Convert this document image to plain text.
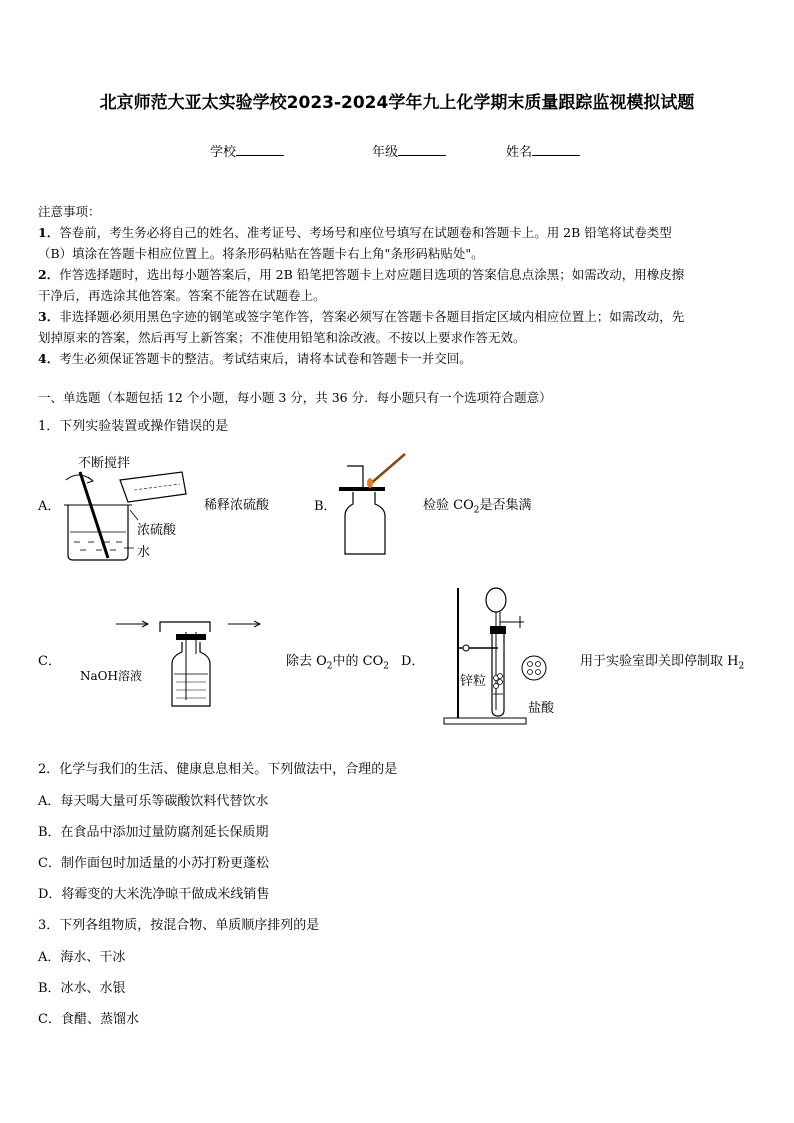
北京师范大亚太实验学校2023-2024学年九上化学期末质量跟踪监视模拟试题
学校	年级	姓名
注意事项：
1．答卷前，考生务必将自己的姓名、准考证号、考场号和座位号填写在试题卷和答题卡上。用 2B 铅笔将试卷类型
（B）填涂在答题卡相应位置上。将条形码粘贴在答题卡右上角"条形码粘贴处"。
2．作答选择题时，选出每小题答案后，用 2B 铅笔把答题卡上对应题目选项的答案信息点涂黑；如需改动，用橡皮擦
干净后，再选涂其他答案。答案不能答在试题卷上。
3．非选择题必须用黑色字迹的钢笔或签字笔作答，答案必须写在答题卡各题目指定区域内相应位置上；如需改动，先
划掉原来的答案，然后再写上新答案；不准使用铅笔和涂改液。不按以上要求作答无效。
4．考生必须保证答题卡的整洁。考试结束后，请将本试卷和答题卡一并交回。
一、单选题（本题包括 12 个小题，每小题 3 分，共 36 分．每小题只有一个选项符合题意）
1．下列实验装置或操作错误的是
A．
不断搅拌
浓硫酸
水
稀释浓硫酸	B．	检验 $CO_2$是否集满
C．
NaOH溶液
除去 $O_2$中的 $CO_2$ D．
锌粒
盐酸
用于实验室即关即停制取 $H_2$
2．化学与我们的生活、健康息息相关。下列做法中，合理的是
A．每天喝大量可乐等碳酸饮料代替饮水
B．在食品中添加过量防腐剂延长保质期
C．制作面包时加适量的小苏打粉更蓬松
D．将霉变的大米洗净晾干做成米线销售
3．下列各组物质，按混合物、单质顺序排列的是
A．海水、干冰
B．冰水、水银
C．食醋、蒸馏水
